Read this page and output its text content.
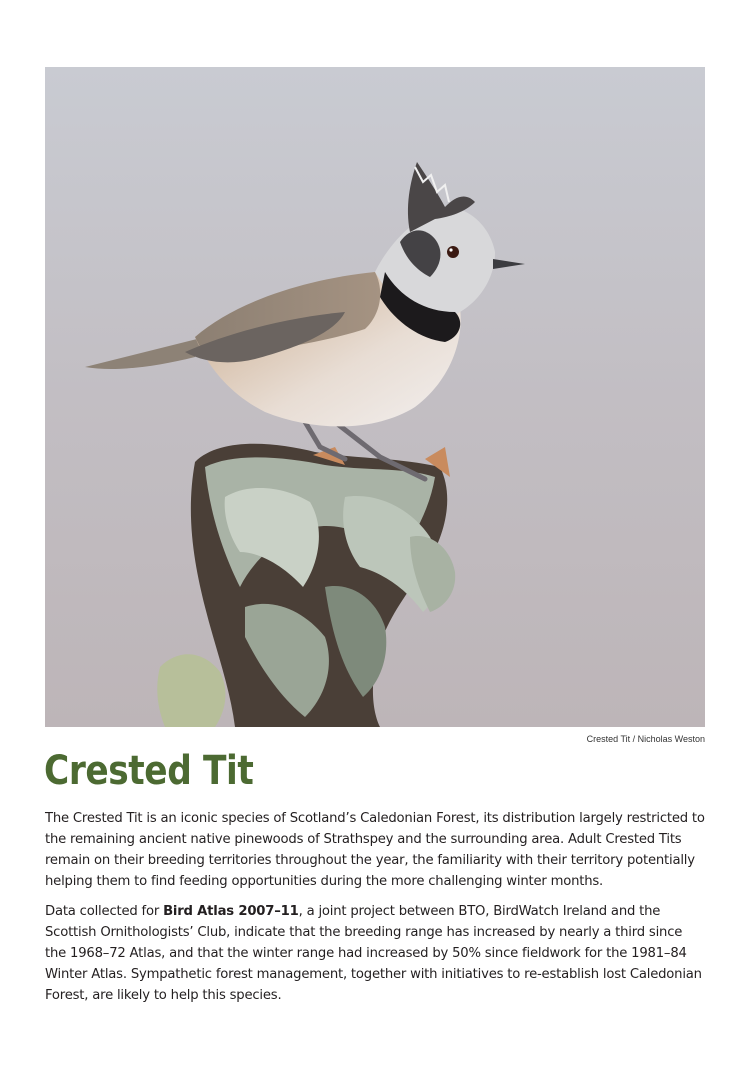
Crested Tit / Nicholas Weston
Crested Tit

The Crested Tit is an iconic species of Scotland’s Caledonian Forest, its distribution largely restricted to the remaining ancient native pinewoods of Strathspey and the surrounding area. Adult Crested Tits remain on their breeding territories throughout the year, the familiarity with their territory potentially helping them to find feeding opportunities during the more challenging winter months.

Data collected for Bird Atlas 2007–11, a joint project between BTO, BirdWatch Ireland and the Scottish Ornithologists’ Club, indicate that the breeding range has increased by nearly a third since the 1968–72 Atlas, and that the winter range had increased by 50% since fieldwork for the 1981–84 Winter Atlas. Sympathetic forest management, together with initiatives to re-establish lost Caledonian Forest, are likely to help this species.
